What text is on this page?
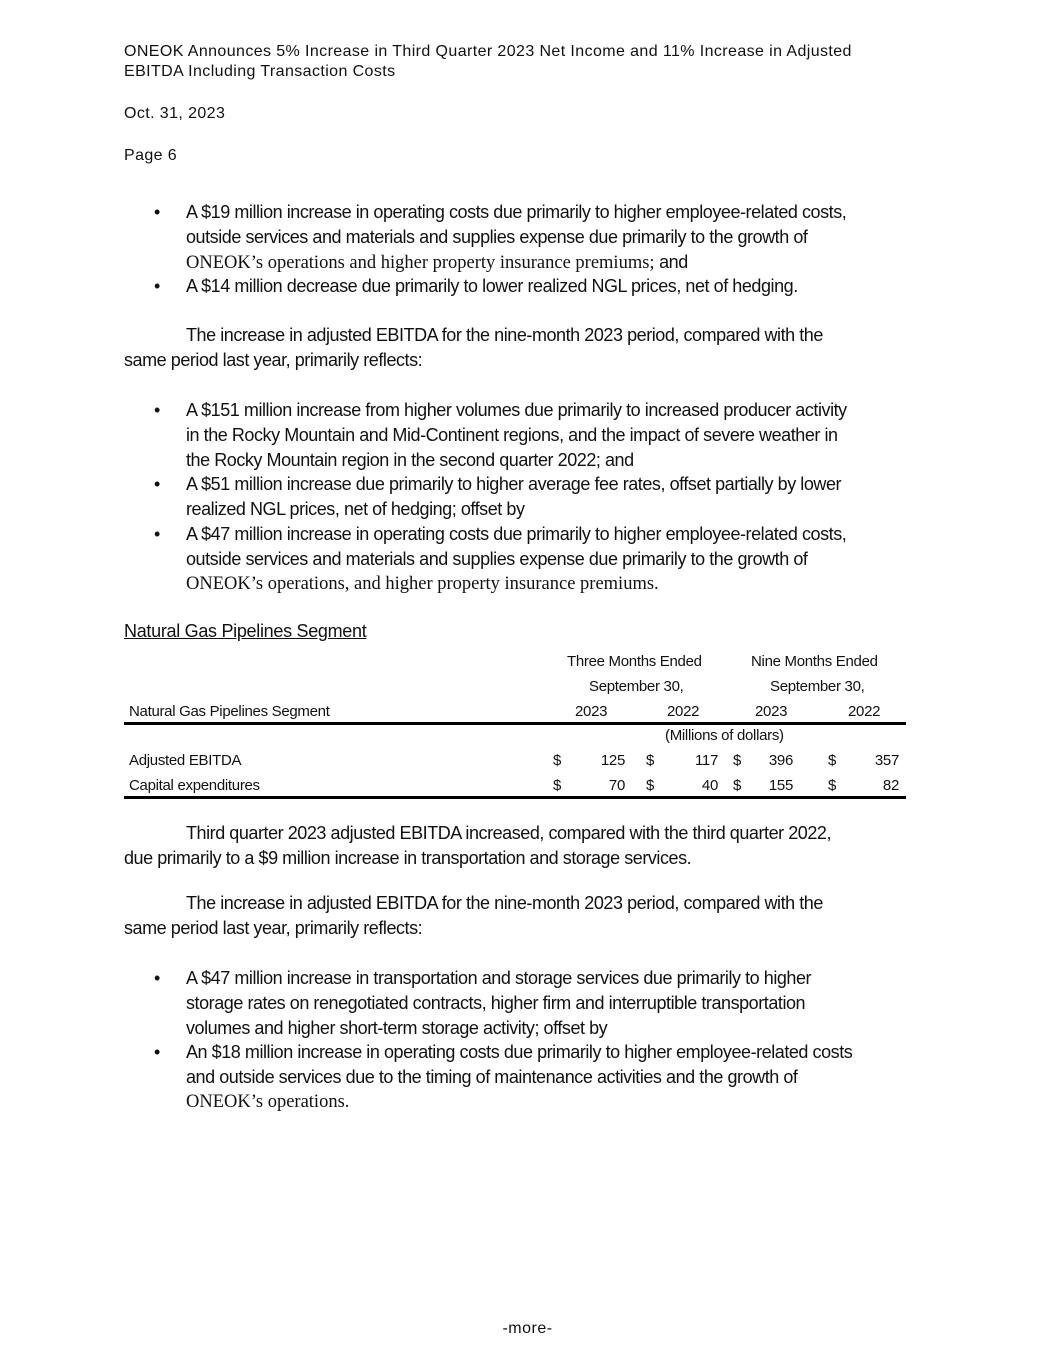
ONEOK Announces 5% Increase in Third Quarter 2023 Net Income and 11% Increase in Adjusted
EBITDA Including Transaction Costs
Oct. 31, 2023
Page 6
• A $19 million increase in operating costs due primarily to higher employee-related costs,
outside services and materials and supplies expense due primarily to the growth of
ONEOK’s operations and higher property insurance premiums; and
• A $14 million decrease due primarily to lower realized NGL prices, net of hedging.
The increase in adjusted EBITDA for the nine-month 2023 period, compared with the
same period last year, primarily reflects:
• A $151 million increase from higher volumes due primarily to increased producer activity
in the Rocky Mountain and Mid-Continent regions, and the impact of severe weather in
the Rocky Mountain region in the second quarter 2022; and
• A $51 million increase due primarily to higher average fee rates, offset partially by lower
realized NGL prices, net of hedging; offset by
• A $47 million increase in operating costs due primarily to higher employee-related costs,
outside services and materials and supplies expense due primarily to the growth of
ONEOK’s operations, and higher property insurance premiums.
Natural Gas Pipelines Segment
Three Months Ended	Nine Months Ended
September 30,	September 30,
Natural Gas Pipelines Segment	2023	2022	2023	2022
(Millions of dollars)
Adjusted EBITDA	$	125 $	117 $ 396 $	357
Capital expenditures	$	70 $	40 $ 155 $	82
Third quarter 2023 adjusted EBITDA increased, compared with the third quarter 2022,
due primarily to a $9 million increase in transportation and storage services.
The increase in adjusted EBITDA for the nine-month 2023 period, compared with the
same period last year, primarily reflects:
• A $47 million increase in transportation and storage services due primarily to higher
storage rates on renegotiated contracts, higher firm and interruptible transportation
volumes and higher short-term storage activity; offset by
• An $18 million increase in operating costs due primarily to higher employee-related costs
and outside services due to the timing of maintenance activities and the growth of
ONEOK’s operations.
-more-
